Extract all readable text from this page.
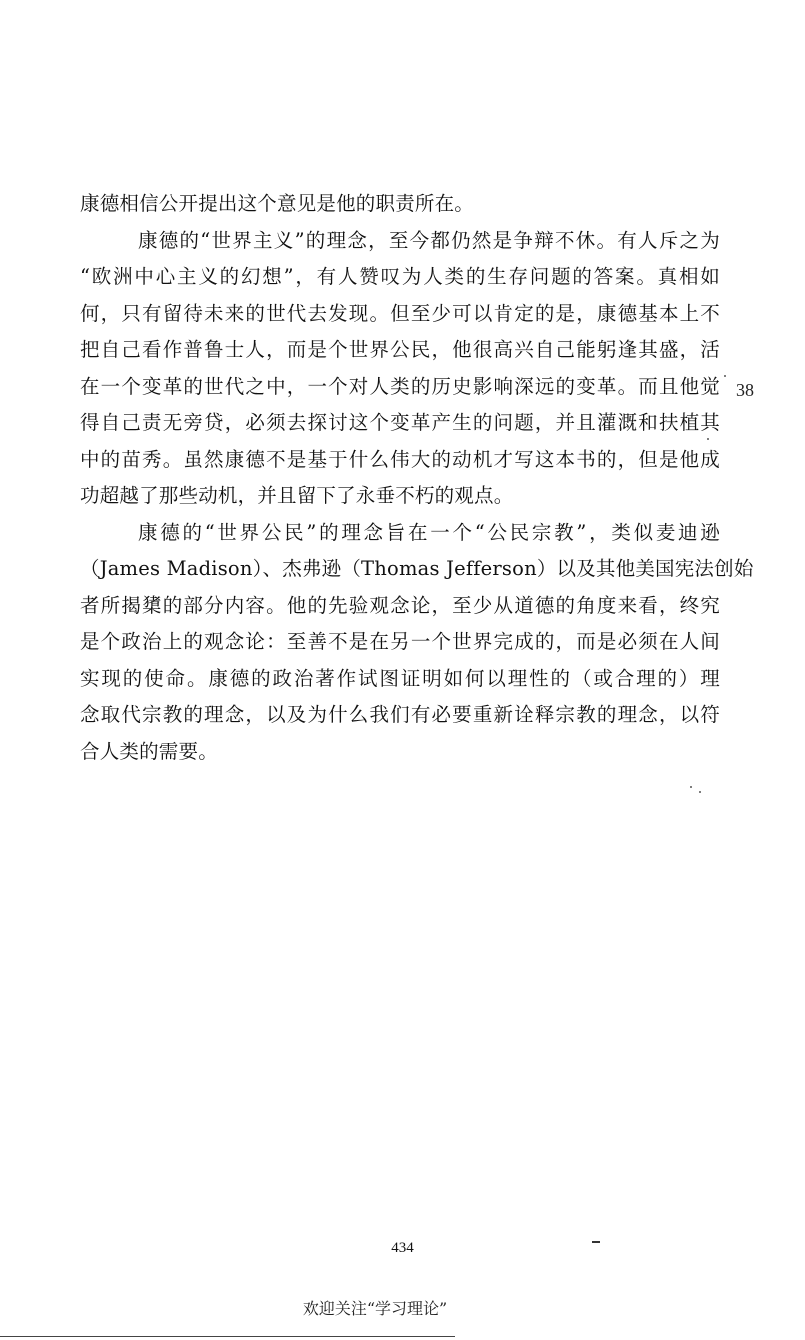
康德相信公开提出这个意见是他的职责所在。
康德的“世界主义”的理念，至今都仍然是争辩不休。有人斥之为
“欧洲中心主义的幻想”，有人赞叹为人类的生存问题的答案。真相如
何，只有留待未来的世代去发现。但至少可以肯定的是，康德基本上不
把自己看作普鲁士人，而是个世界公民，他很高兴自己能躬逢其盛，活
在一个变革的世代之中，一个对人类的历史影响深远的变革。而且他觉
得自己责无旁贷，必须去探讨这个变革产生的问题，并且灌溉和扶植其
中的苗秀。虽然康德不是基于什么伟大的动机才写这本书的，但是他成
功超越了那些动机，并且留下了永垂不朽的观点。
康德的“世界公民”的理念旨在一个“公民宗教”，类似麦迪逊
（James Madison）、杰弗逊（Thomas Jefferson）以及其他美国宪法创始
者所揭橥的部分内容。他的先验观念论，至少从道德的角度来看，终究
是个政治上的观念论：至善不是在另一个世界完成的，而是必须在人间
实现的使命。康德的政治著作试图证明如何以理性的（或合理的）理
念取代宗教的理念，以及为什么我们有必要重新诠释宗教的理念，以符
合人类的需要。
38
434
欢迎关注“学习理论”
